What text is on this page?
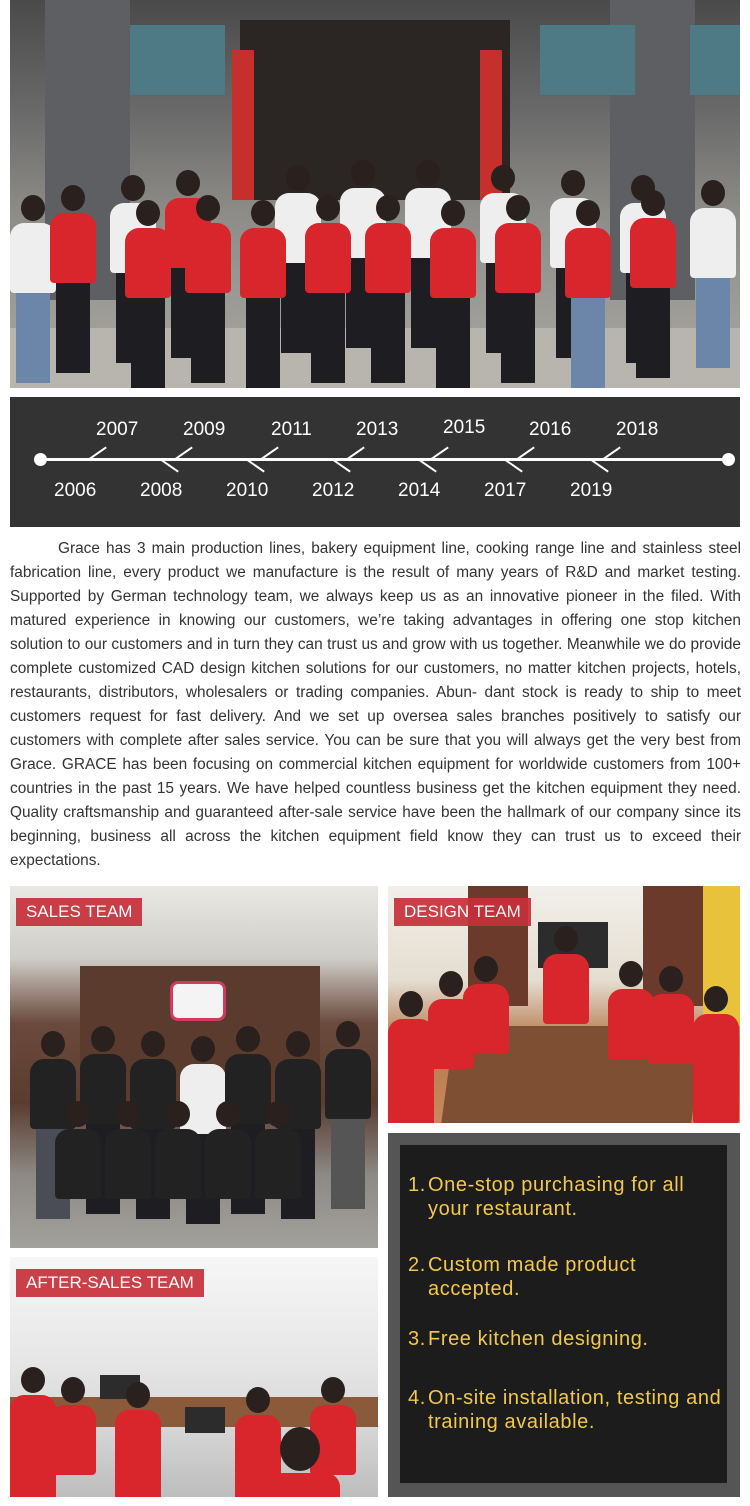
2007 2009 2011 2013 2015 2016 2018
2006 2008 2010 2012 2014 2017 2019

Grace has 3 main production lines, bakery equipment line, cooking range line and stainless steel fabrication line, every product we manufacture is the result of many years of R&D and market testing. Supported by German technology team, we always keep us as an innovative pioneer in the filed. With matured experience in knowing our customers, we’re taking advantages in offering one stop kitchen solution to our customers and in turn they can trust us and grow with us together. Meanwhile we do provide complete customized CAD design kitchen solutions for our customers, no matter kitchen projects, hotels, restaurants, distributors, wholesalers or trading companies. Abun- dant stock is ready to ship to meet customers request for fast delivery. And we set up oversea sales branches positively to satisfy our customers with complete after sales service. You can be sure that you will always get the very best from Grace. GRACE has been focusing on commercial kitchen equipment for worldwide customers from 100+ countries in the past 15 years. We have helped countless business get the kitchen equipment they need. Quality craftsmanship and guaranteed after-sale service have been the hallmark of our company since its beginning, business all across the kitchen equipment field know they can trust us to exceed their expectations.

SALES TEAM	DESIGN TEAM
AFTER-SALES TEAM
1. One-stop purchasing for all your restaurant.
2. Custom made product accepted.
3. Free kitchen designing.
4. On-site installation, testing and training available.
